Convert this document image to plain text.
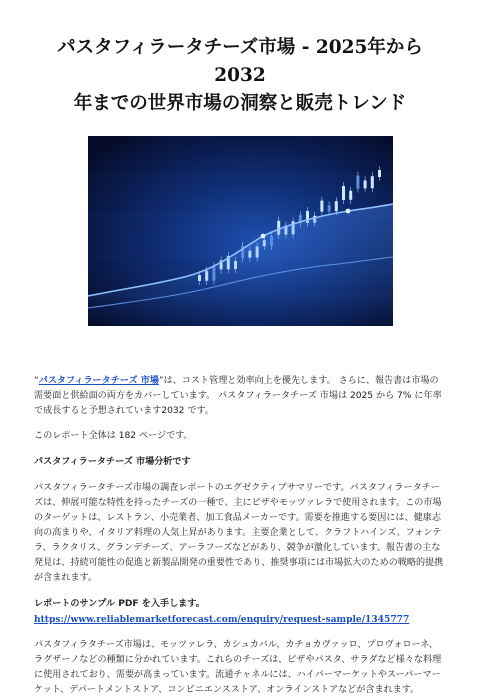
パスタフィラータチーズ市場 - 2025年から2032
年までの世界市場の洞察と販売トレンド

“パスタフィラータチーズ 市場”は、コスト管理と効率向上を優先します。 さらに、報告書は市場の需要面と供給面の両方をカバーしています。 パスタフィラータチーズ 市場は 2025 から 7% に年率で成長すると予想されています2032 です。

このレポート全体は 182 ページです。

パスタフィラータチーズ 市場分析です

パスタフィラータチーズ市場の調査レポートのエグゼクティブサマリーです。パスタフィラータチーズは、伸展可能な特性を持ったチーズの一種で、主にピザやモッツァレラで使用されます。この市場のターゲットは、レストラン、小売業者、加工食品メーカーです。需要を推進する要因には、健康志向の高まりや、イタリア料理の人気上昇があります。主要企業として、クラフトハインズ、フォンテラ、ラクタリス、グランデチーズ、アーラフーズなどがあり、競争が激化しています。報告書の主な発見は、持続可能性の促進と新製品開発の重要性であり、推奨事項には市場拡大のための戦略的提携が含まれます。

レポートのサンプル PDF を入手します。 https://www.reliablemarketforecast.com/enquiry/request-sample/1345777

パスタフィラタチーズ市場は、モッツァレラ、カシュカバル、カチョカヴァッロ、プロヴォローネ、ラグザーノなどの種類に分かれています。これらのチーズは、ピザやパスタ、サラダなど様々な料理に使用されており、需要が高まっています。流通チャネルには、ハイパーマーケットやスーパーマーケット、デパートメントストア、コンビニエンスストア、オンラインストアなどが含まれます。
